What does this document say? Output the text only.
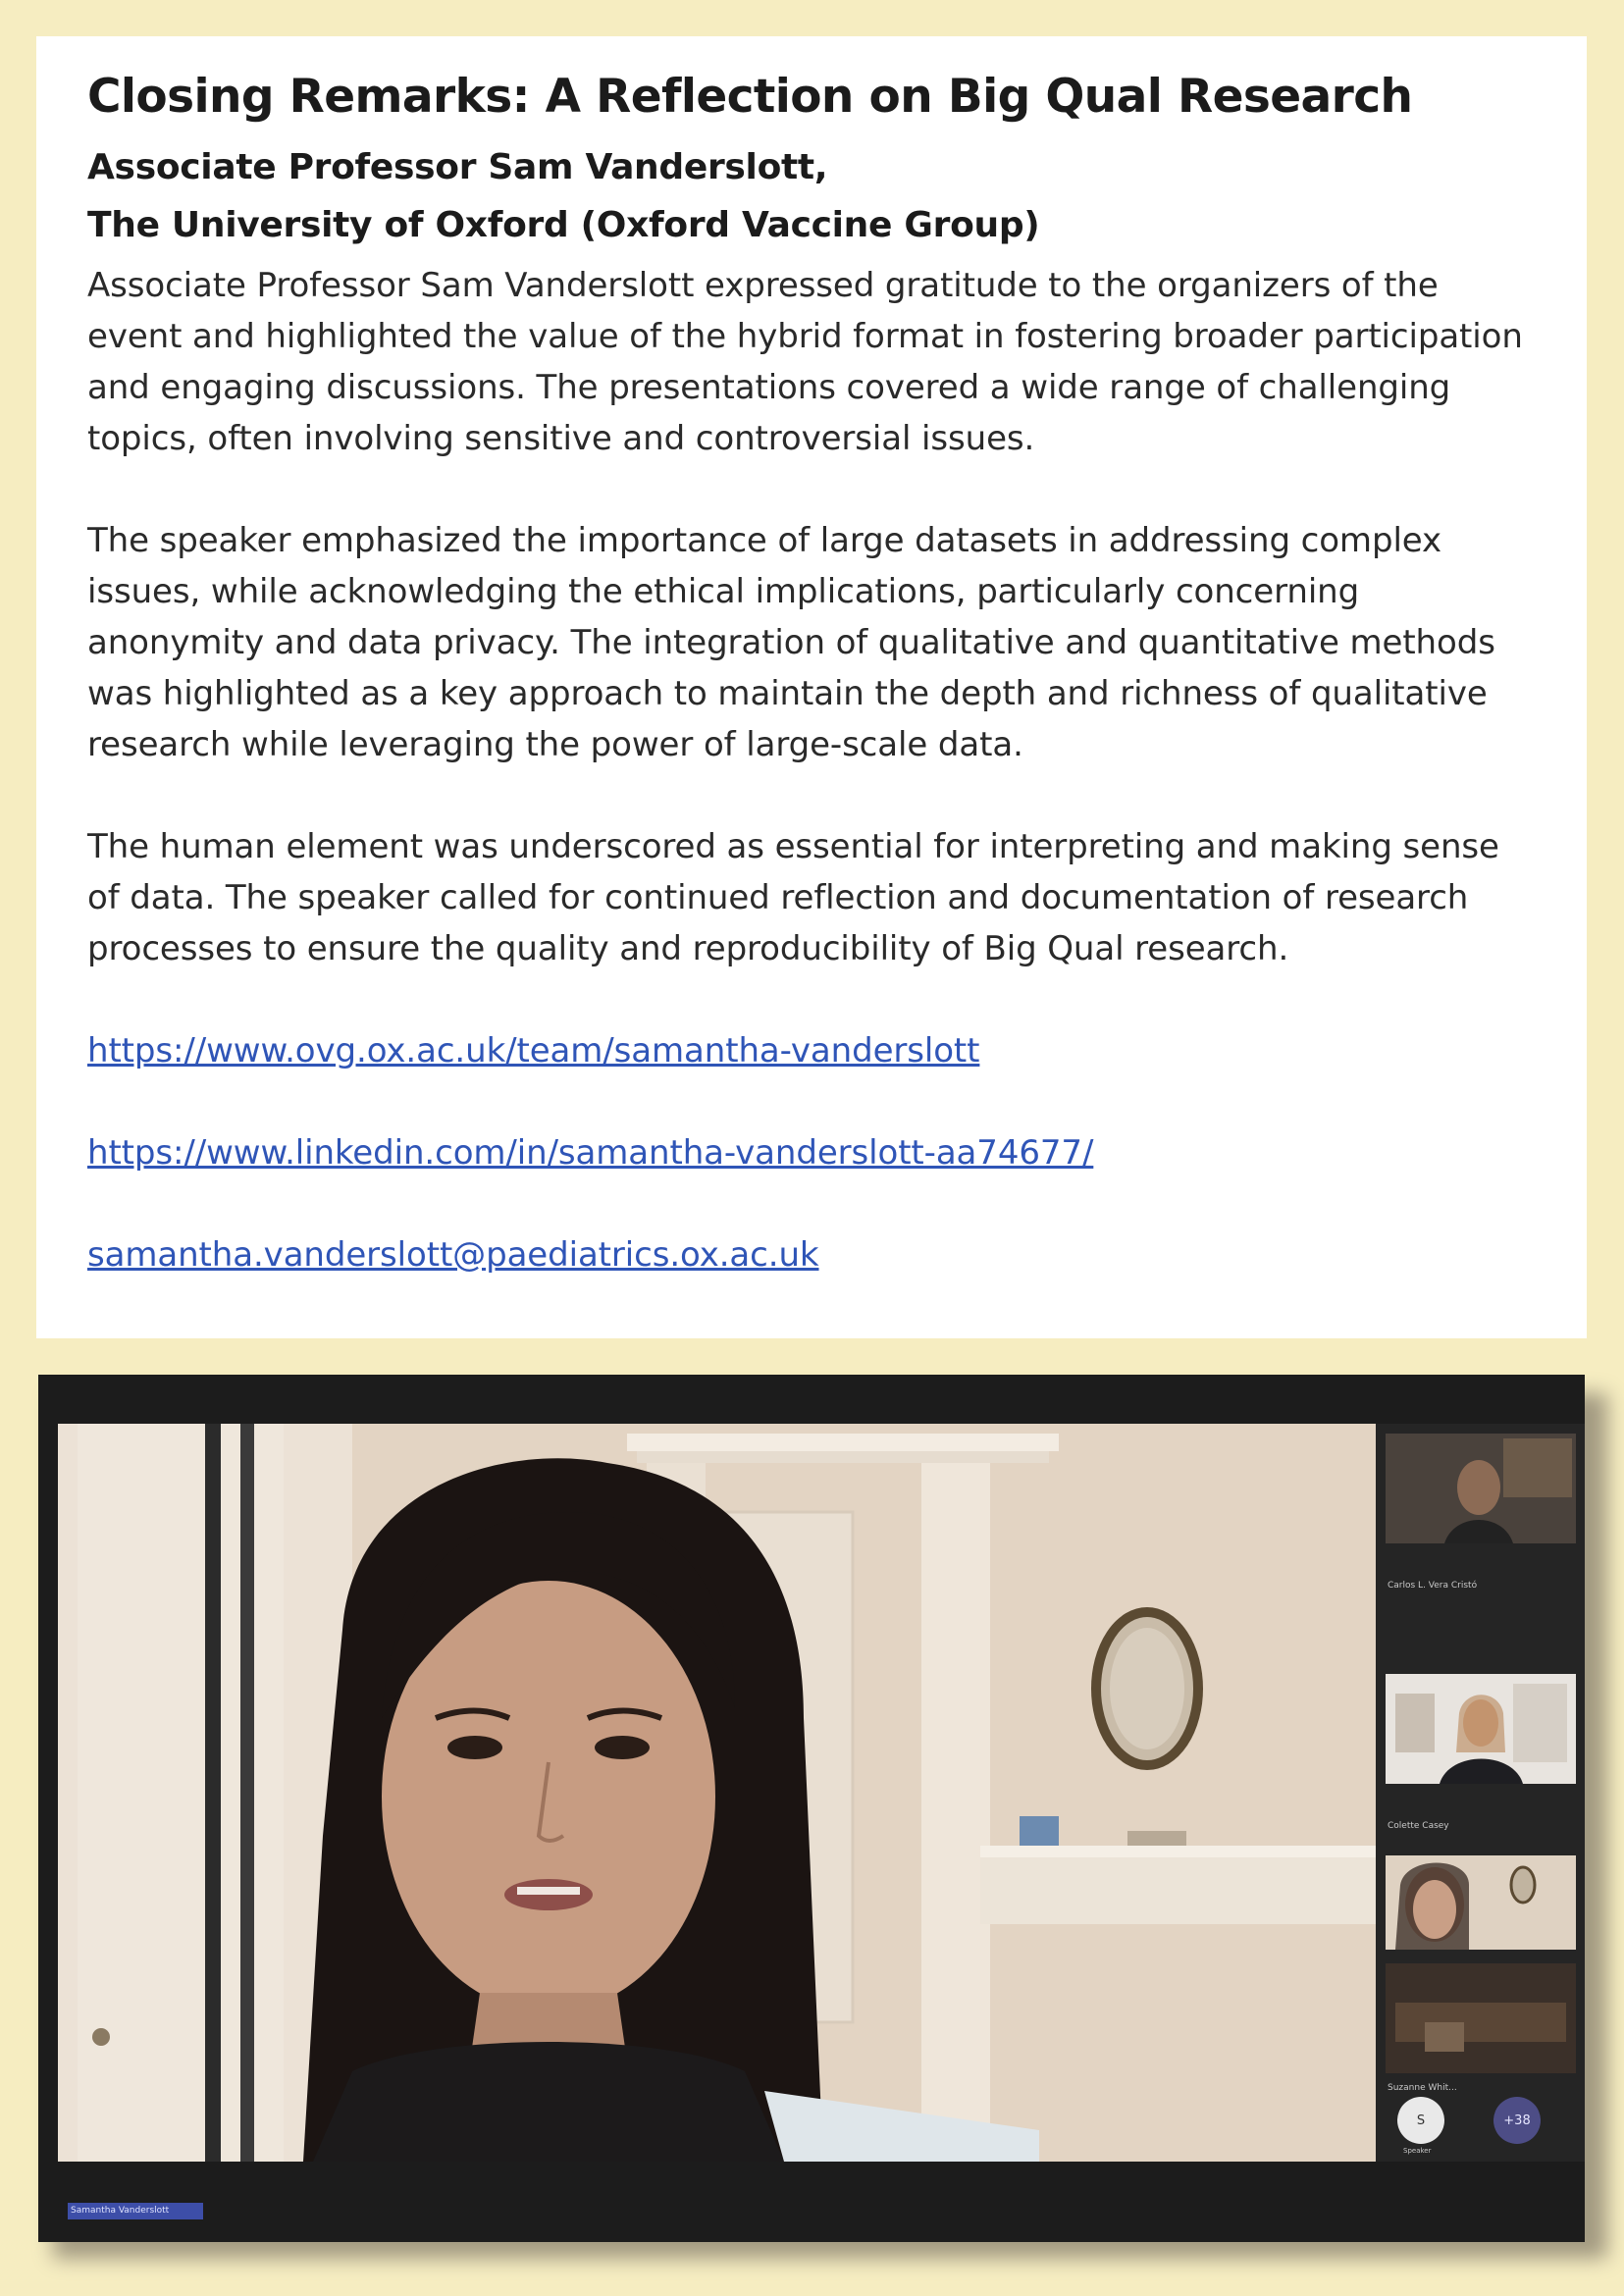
Closing Remarks: A Reflection on Big Qual Research
Associate Professor Sam Vanderslott,
The University of Oxford (Oxford Vaccine Group)

Associate Professor Sam Vanderslott expressed gratitude to the organizers of the event and highlighted the value of the hybrid format in fostering broader participation and engaging discussions. The presentations covered a wide range of challenging topics, often involving sensitive and controversial issues.

The speaker emphasized the importance of large datasets in addressing complex issues, while acknowledging the ethical implications, particularly concerning anonymity and data privacy. The integration of qualitative and quantitative methods was highlighted as a key approach to maintain the depth and richness of qualitative research while leveraging the power of large-scale data.

The human element was underscored as essential for interpreting and making sense of data. The speaker called for continued reflection and documentation of research processes to ensure the quality and reproducibility of Big Qual research.

https://www.ovg.ox.ac.uk/team/samantha-vanderslott
https://www.linkedin.com/in/samantha-vanderslott-aa74677/
samantha.vanderslott@paediatrics.ox.ac.uk
Carlos L. Vera Cristó
Colette Casey
Suzanne Whit...
S
Speaker
+38
Samantha Vanderslott
